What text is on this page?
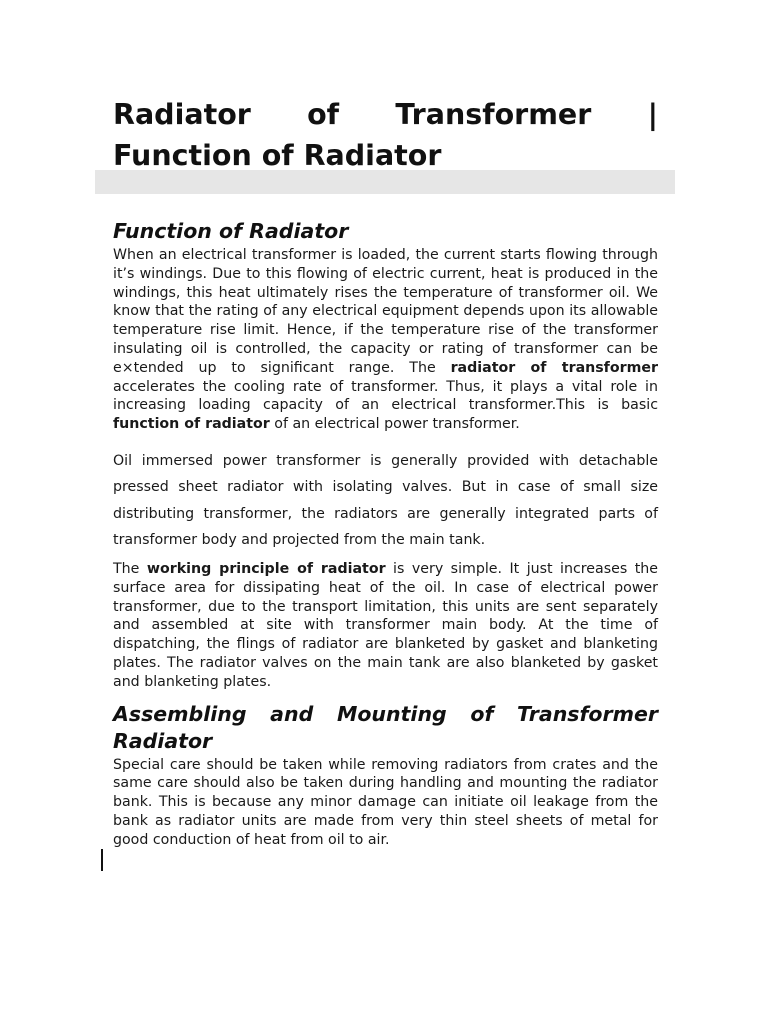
Radiator of Transformer | Function of Radiator
Function of Radiator

When an electrical transformer is loaded, the current starts flowing through it’s windings. Due to this flowing of electric current, heat is produced in the windings, this heat ultimately rises the temperature of transformer oil. We know that the rating of any electrical equipment depends upon its allowable temperature rise limit. Hence, if the temperature rise of the transformer insulating oil is controlled, the capacity or rating of transformer can be e×tended up to significant range. The radiator of transformer accelerates the cooling rate of transformer. Thus, it plays a vital role in increasing loading capacity of an electrical transformer.This is basic function of radiator of an electrical power transformer.

Oil immersed power transformer is generally provided with detachable pressed sheet radiator with isolating valves. But in case of small size distributing transformer, the radiators are generally integrated parts of transformer body and projected from the main tank.

The working principle of radiator is very simple. It just increases the surface area for dissipating heat of the oil. In case of electrical power transformer, due to the transport limitation, this units are sent separately and assembled at site with transformer main body. At the time of dispatching, the flings of radiator are blanketed by gasket and blanketing plates. The radiator valves on the main tank are also blanketed by gasket and blanketing plates.

Assembling and Mounting of Transformer Radiator

Special care should be taken while removing radiators from crates and the same care should also be taken during handling and mounting the radiator bank. This is because any minor damage can initiate oil leakage from the bank as radiator units are made from very thin steel sheets of metal for good conduction of heat from oil to air.
